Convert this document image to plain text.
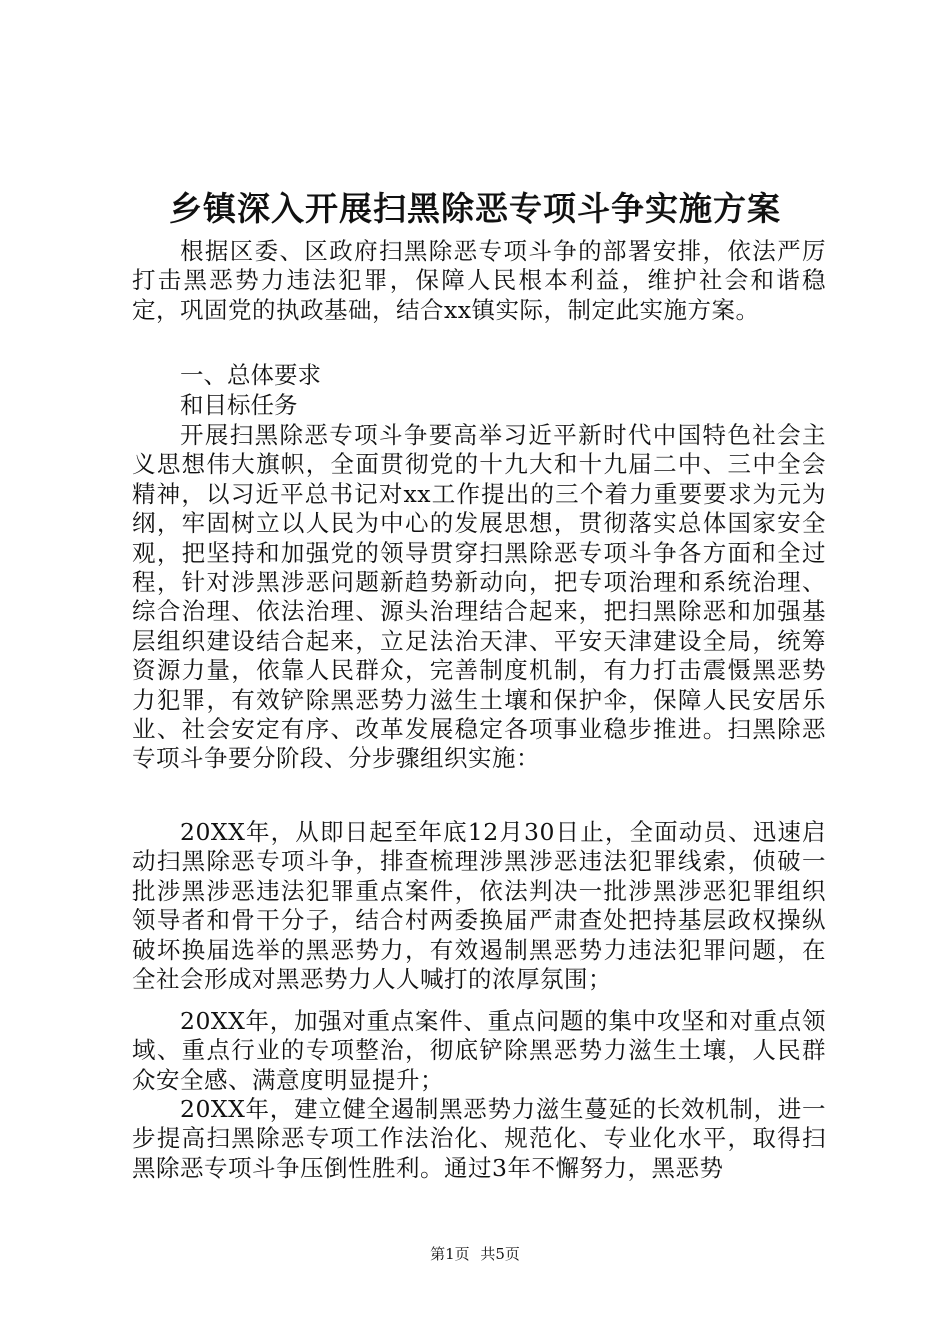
乡镇深入开展扫黑除恶专项斗争实施方案
根据区委、区政府扫黑除恶专项斗争的部署安排，依法严厉打击黑恶势力违法犯罪，保障人民根本利益，维护社会和谐稳定，巩固党的执政基础，结合xx镇实际，制定此实施方案。
一、总体要求
和目标任务
开展扫黑除恶专项斗争要高举习近平新时代中国特色社会主义思想伟大旗帜，全面贯彻党的十九大和十九届二中、三中全会精神，以习近平总书记对xx工作提出的三个着力重要要求为元为纲，牢固树立以人民为中心的发展思想，贯彻落实总体国家安全观，把坚持和加强党的领导贯穿扫黑除恶专项斗争各方面和全过程，针对涉黑涉恶问题新趋势新动向，把专项治理和系统治理、综合治理、依法治理、源头治理结合起来，把扫黑除恶和加强基层组织建设结合起来，立足法治天津、平安天津建设全局，统筹资源力量，依靠人民群众，完善制度机制，有力打击震慑黑恶势力犯罪，有效铲除黑恶势力滋生土壤和保护伞，保障人民安居乐业、社会安定有序、改革发展稳定各项事业稳步推进。扫黑除恶专项斗争要分阶段、分步骤组织实施：
20XX年，从即日起至年底12月30日止，全面动员、迅速启动扫黑除恶专项斗争，排查梳理涉黑涉恶违法犯罪线索，侦破一批涉黑涉恶违法犯罪重点案件，依法判决一批涉黑涉恶犯罪组织领导者和骨干分子，结合村两委换届严肃查处把持基层政权操纵破坏换届选举的黑恶势力，有效遏制黑恶势力违法犯罪问题，在全社会形成对黑恶势力人人喊打的浓厚氛围；
20XX年，加强对重点案件、重点问题的集中攻坚和对重点领域、重点行业的专项整治，彻底铲除黑恶势力滋生土壤，人民群众安全感、满意度明显提升；
20XX年，建立健全遏制黑恶势力滋生蔓延的长效机制，进一步提高扫黑除恶专项工作法治化、规范化、专业化水平，取得扫黑除恶专项斗争压倒性胜利。通过3年不懈努力，黑恶势
第1页 共5页
